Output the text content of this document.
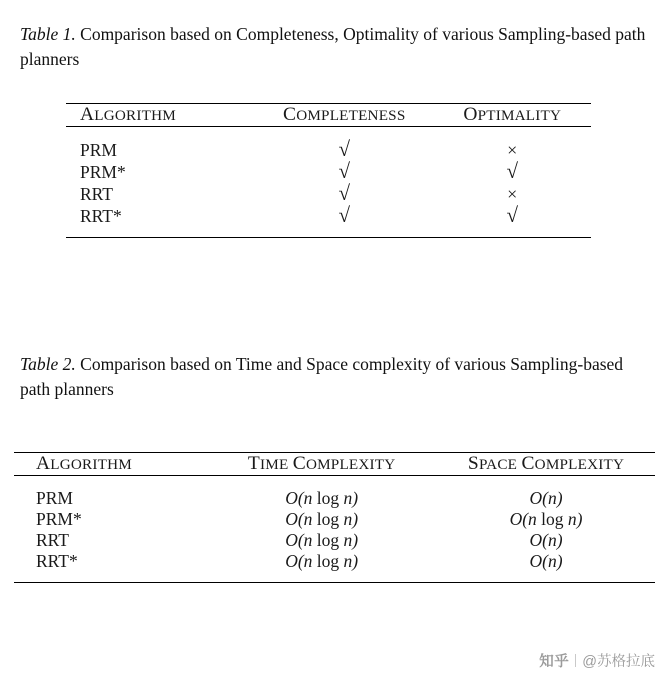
Table 1. Comparison based on Completeness, Optimality of various Sampling-based path planners
ALGORITHM	COMPLETENESS	OPTIMALITY

PRM	√	×
PRM*	√	√
RRT	√	×
RRT*	√	√

Table 2. Comparison based on Time and Space complexity of various Sampling-based path planners
ALGORITHM	TIME COMPLEXITY	SPACE COMPLEXITY

PRM	O(n log n)	O(n)
PRM*	O(n log n)	O(n log n)
RRT	O(n log n)	O(n)
RRT*	O(n log n)	O(n)

知乎 @苏格拉底
